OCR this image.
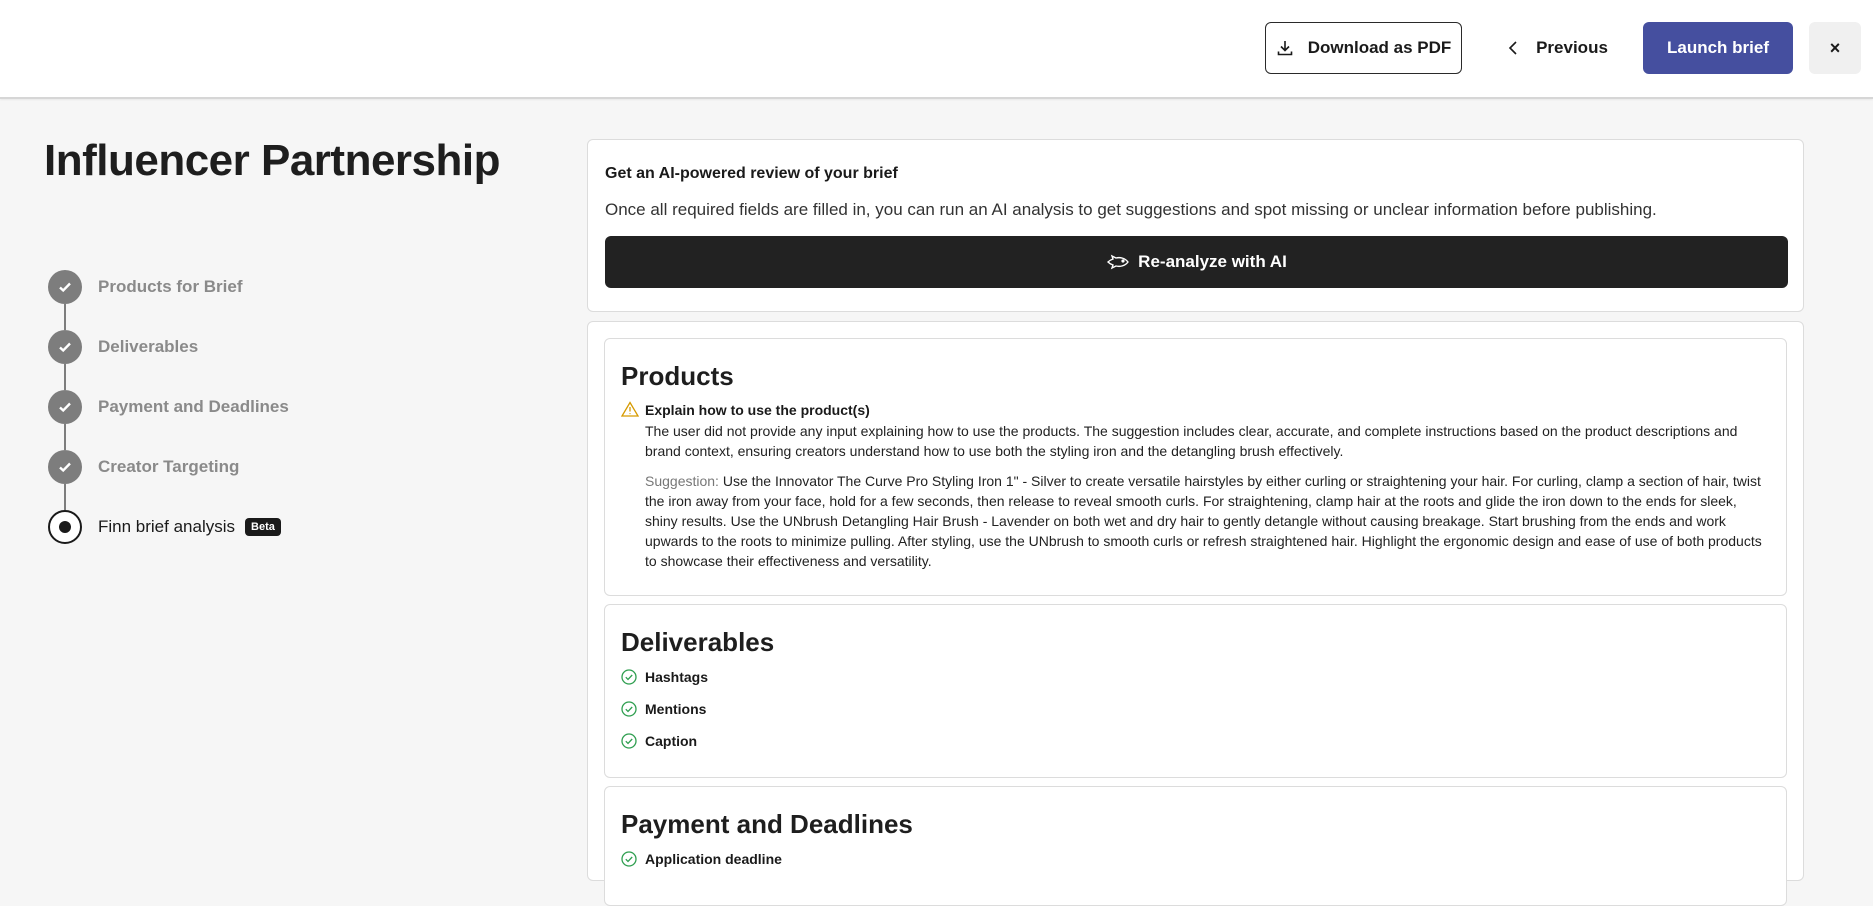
Download as PDF	Previous	Launch brief	×
Influencer Partnership
Products for Brief
Deliverables
Payment and Deadlines
Creator Targeting
Finn brief analysis	Beta
Get an AI-powered review of your brief
Once all required fields are filled in, you can run an AI analysis to get suggestions and spot missing or unclear information before publishing.
Re-analyze with AI
Products
Explain how to use the product(s)
The user did not provide any input explaining how to use the products. The suggestion includes clear, accurate, and complete instructions based on the product descriptions and brand context, ensuring creators understand how to use both the styling iron and the detangling brush effectively.
Suggestion: Use the Innovator The Curve Pro Styling Iron 1" - Silver to create versatile hairstyles by either curling or straightening your hair. For curling, clamp a section of hair, twist the iron away from your face, hold for a few seconds, then release to reveal smooth curls. For straightening, clamp hair at the roots and glide the iron down to the ends for sleek, shiny results. Use the UNbrush Detangling Hair Brush - Lavender on both wet and dry hair to gently detangle without causing breakage. Start brushing from the ends and work upwards to the roots to minimize pulling. After styling, use the UNbrush to smooth curls or refresh straightened hair. Highlight the ergonomic design and ease of use of both products to showcase their effectiveness and versatility.
Deliverables
Hashtags
Mentions
Caption
Payment and Deadlines
Application deadline
